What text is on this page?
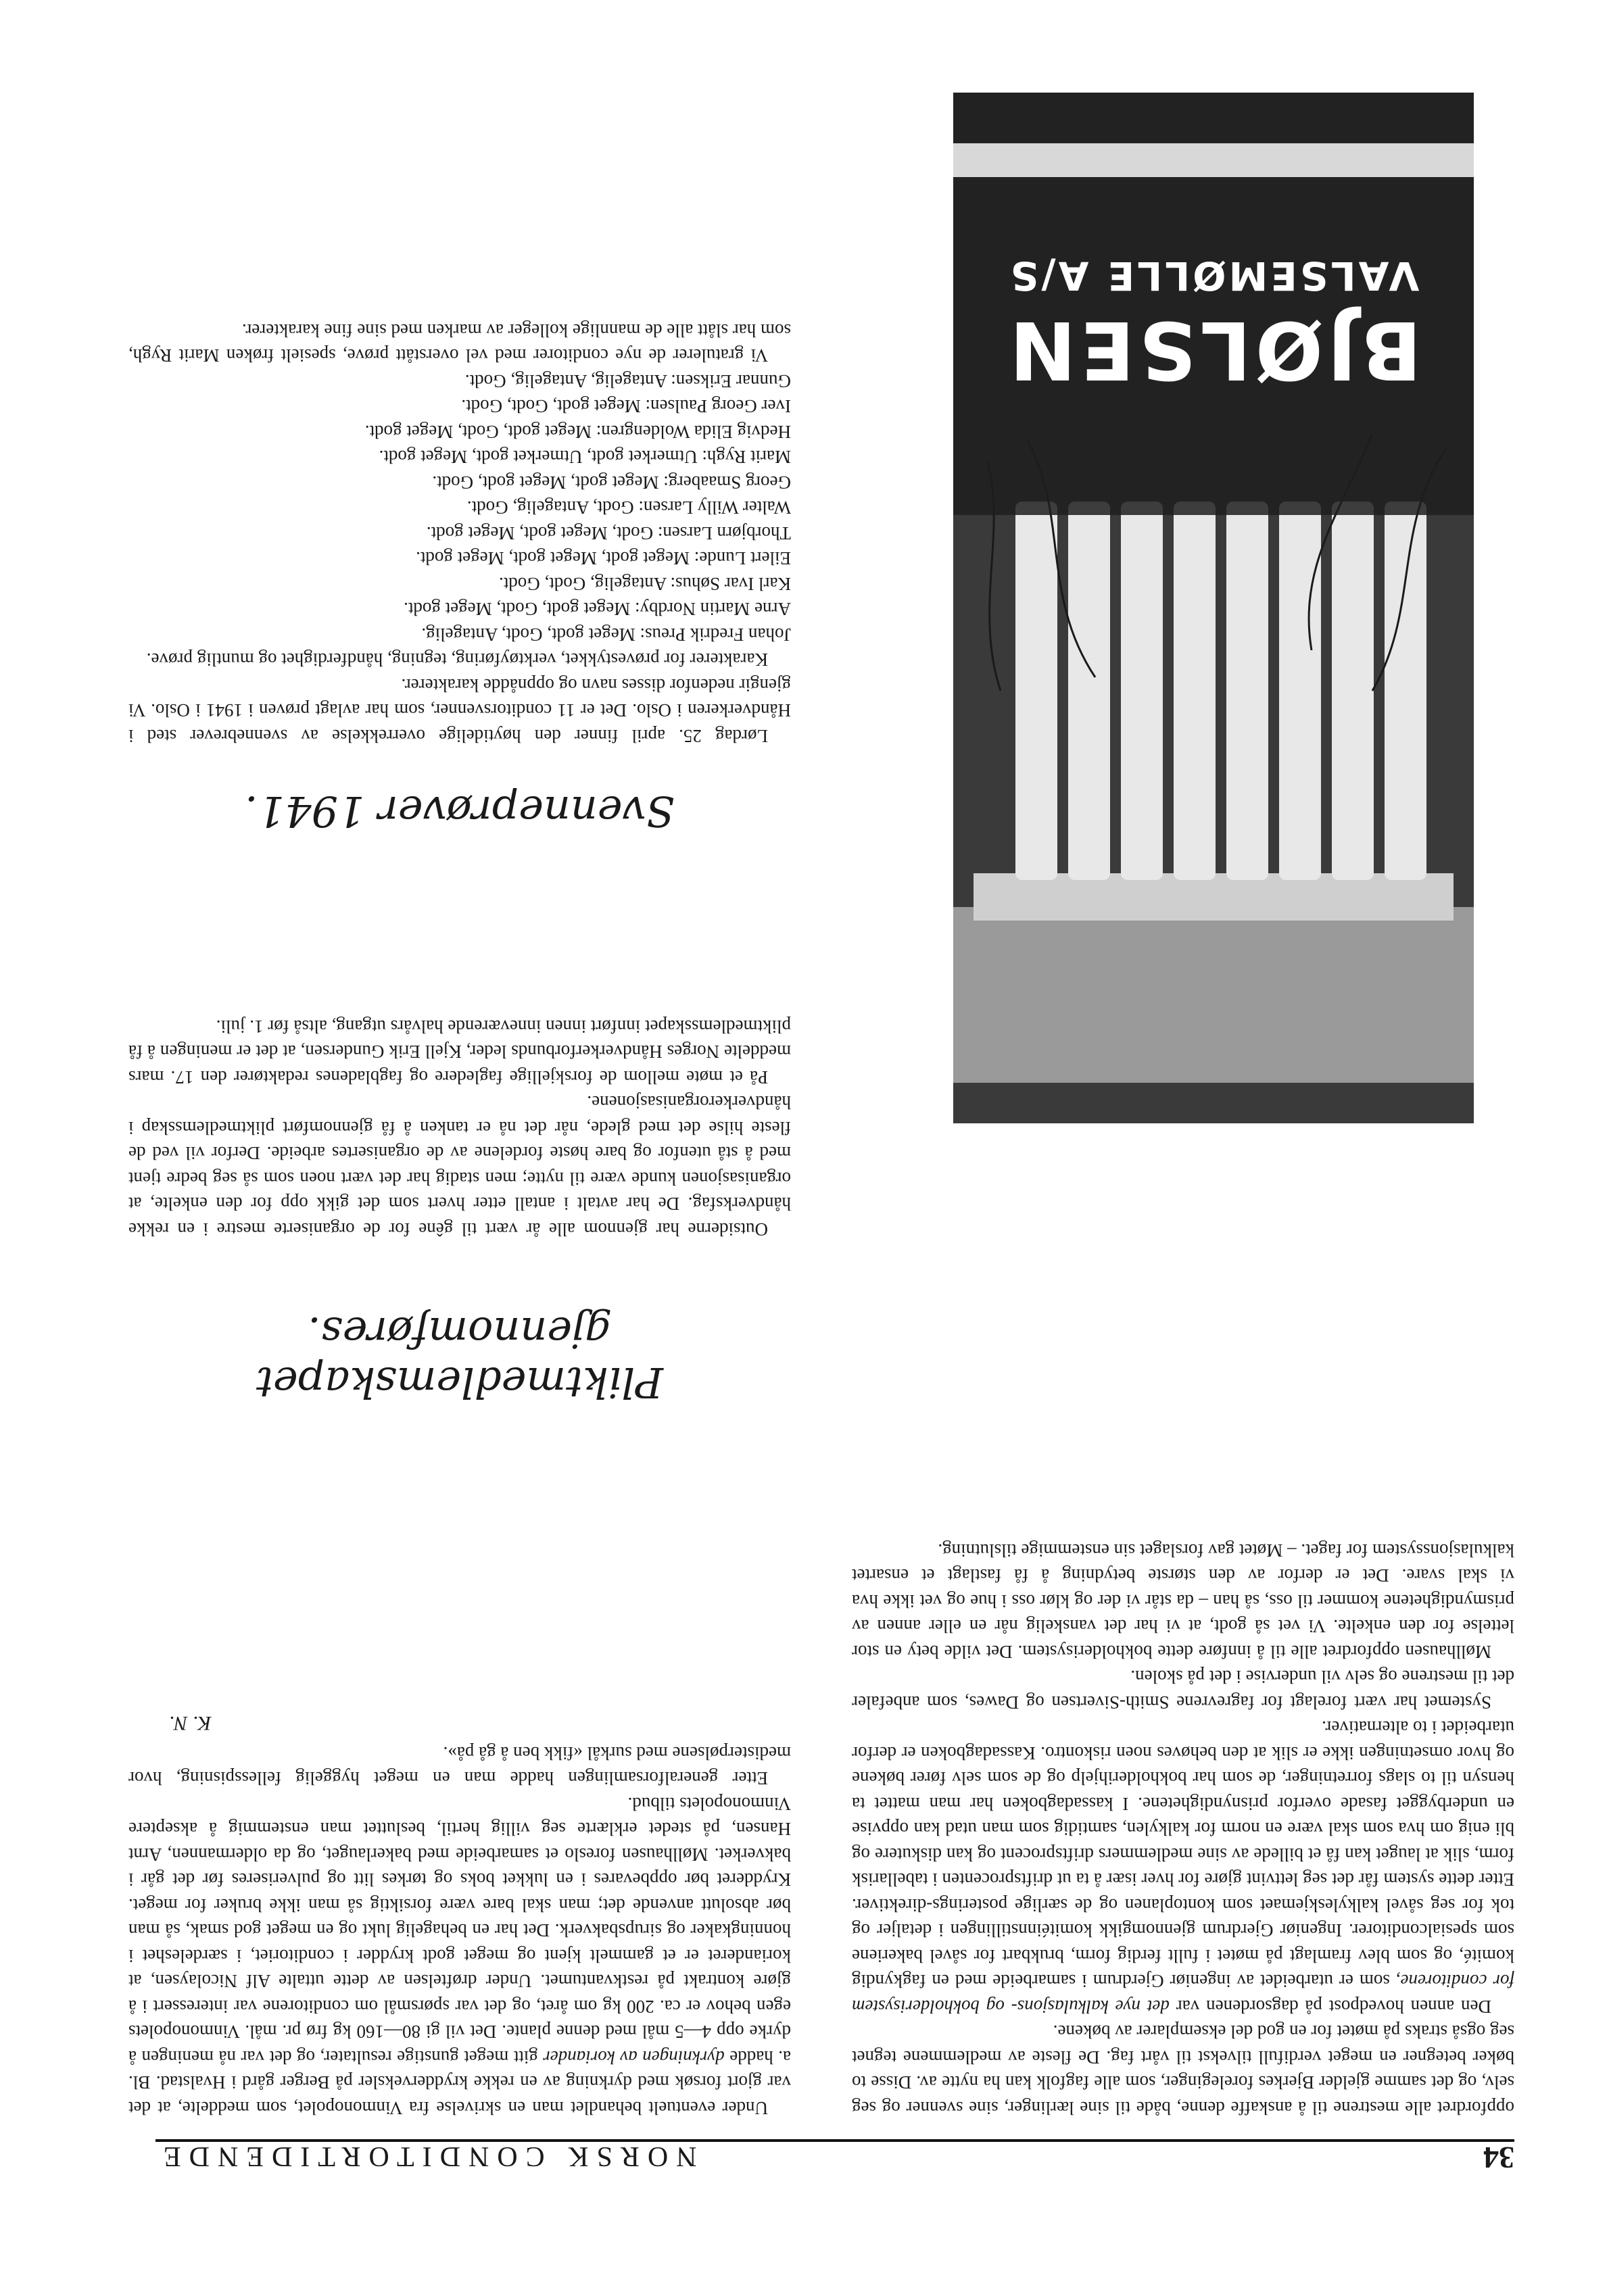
34
NORSK CONDITORTIDENDE

oppfordret alle mestrene til å anskaffe denne, både til sine lærlinger, sine svenner og seg selv, og det samme gjelder Bjerkes foreleginger, som alle fagfolk kan ha nytte av. Disse to bøker betegner en meget verdifull tilvekst til vårt fag. De fleste av medlemmene tegnet seg også straks på møtet for en god del eksemplarer av bøkene.

Den annen hovedpost på dagsordenen var det nye kalkulasjons- og bokholderisystem for conditorene, som er utarbeidet av ingeniør Gjerdrum i samarbeide med en fagkyndig komité, og som blev framlagt på møtet i fullt ferdig form, brukbart for såvel bakeriene som spesialconditorer. Ingeniør Gjerdrum gjennomgikk komitéinnstillingen i detaljer og tok for seg såvel kalkyleskjemaet som kontoplanen og de særlige posterings-direktiver. Etter dette system får det seg lettvint gjøre for hver især å ta ut driftsprocenten i tabellarisk form, slik at lauget kan få et billede av sine medlemmers driftsprocent og kan diskutere og bli enig om hva som skal være en norm for kalkylen, samtidig som man utad kan oppvise en underbygget fasade overfor prisnyndighetene. I kassadagboken har man mattet ta hensyn til to slags forretninger, de som har bokholderihjelp og de som selv fører bøkene og hvor omsetningen ikke er slik at den behøves noen riskontro. Kassadagboken er derfor utarbeidet i to alternativer.

Systemet har vært forelagt for fagrevrene Smith-Sivertsen og Dawes, som anbefaler det til mestrene og selv vil undervise i det på skolen.

Møllhausen oppfordret alle til å innføre dette bokholderisystem. Det vilde bety en stor lettelse for den enkelte. Vi vet så godt, at vi har det vanskelig når en eller annen av prismyndighetene kommer til oss, så han – da står vi der og klør oss i hue og vet ikke hva vi skal svare. Det er derfor av den største betydning å få fastlagt et ensartet kalkulasjonssystem for faget. – Møtet gav forslaget sin enstemmige tilslutning.

BJØLSEN
VALSEMØLLE A/S

Under eventuelt behandlet man en skrivelse fra Vinmonopolet, som meddelte, at det var gjort forsøk med dyrkning av en rekke krydderveksler på Berger gård i Hvalstad. Bl. a. hadde dyrkningen av koriander gitt meget gunstige resultater, og det var nå meningen å dyrke opp 4—5 mål med denne plante. Det vil gi 80—160 kg frø pr. mål. Vinmonopolets egen behov er ca. 200 kg om året, og det var spørsmål om conditorene var interessert i å gjøre kontrakt på restkvantumet. Under drøftelsen av dette uttalte Alf Nicolaysen, at korianderet er et gammelt kjent og meget godt krydder i conditoriet, i særdeleshet i honningkaker og sirupsbakverk. Det har en behagelig lukt og en meget god smak, så man bør absolutt anvende det; man skal bare være forsiktig så man ikke bruker for meget. Krydderet bør oppbevares i en lukket boks og tørkes litt og pulveriseres før det går i bakverket. Møllhausen foreslo et samarbeide med bakerlauget, og da oldermannen, Arnt Hansen, på stedet erklærte seg villig hertil, besluttet man enstemmig å akseptere Vinmonopolets tilbud.

Etter generalforsamlingen hadde man en meget hyggelig fellesspisning, hvor medisterpølsene med surkål «fikk ben å gå på».

K. N.

Plikt​medlemskapet

gjennomføres.

Outsiderne har gjennom alle år vært til gêne for de organiserte mestre i en rekke håndverksfag. De har avtalt i antall etter hvert som det gikk opp for den enkelte, at organisasjonen kunde være til nytte; men stadig har det vært noen som så seg bedre tjent med å stå utenfor og bare høste fordelene av de organisertes arbeide. Derfor vil ved de fleste hilse det med glede, når det nå er tanken å få gjennomført pliktmedlemsskap i håndverkerorganisasjonene.

På et møte mellom de forskjellige faglederе og fagbladenes redaktører den 17. mars meddelte Norges Håndverkerforbunds leder, Kjell Erik Gundersen, at det er meningen å få pliktmedlemsskapet innført innen inneværende halvårs utgang, altså før 1. juli.

Svenneprøver 1941.

Lørdag 25. april finner den høytidelige overrekkelse av svennebrever sted i Håndverkeren i Oslo. Det er 11 conditorsvenner, som har avlagt prøven i 1941 i Oslo. Vi gjengir nedenfor disses navn og oppnådde karakterer.

Karakterer for prøvestykket, verktøyføring, tegning, håndferdighet og muntlig prøve.

Johan Fredrik Preus: Meget godt, Godt, Antagelig.

Arne Martin Nordby: Meget godt, Godt, Meget godt.

Karl Ivar Søhus: Antagelig, Godt, Godt.

Eilert Lunde: Meget godt, Meget godt, Meget godt.

Thorbjørn Larsen: Godt, Meget godt, Meget godt.

Walter Willy Larsen: Godt, Antagelig, Godt.

Georg Smaaberg: Meget godt, Meget godt, Godt.

Marit Rygh: Utmerket godt, Utmerket godt, Meget godt.

Hedvig Elida Woldengren: Meget godt, Godt, Meget godt.

Iver Georg Paulsen: Meget godt, Godt, Godt.

Gunnar Eriksen: Antagelig, Antagelig, Godt.

Vi gratulerer de nye conditorer med vel overstått prøve, spesielt frøken Marit Rygh, som har slått alle de mannlige kolleger av marken med sine fine karakterer.
